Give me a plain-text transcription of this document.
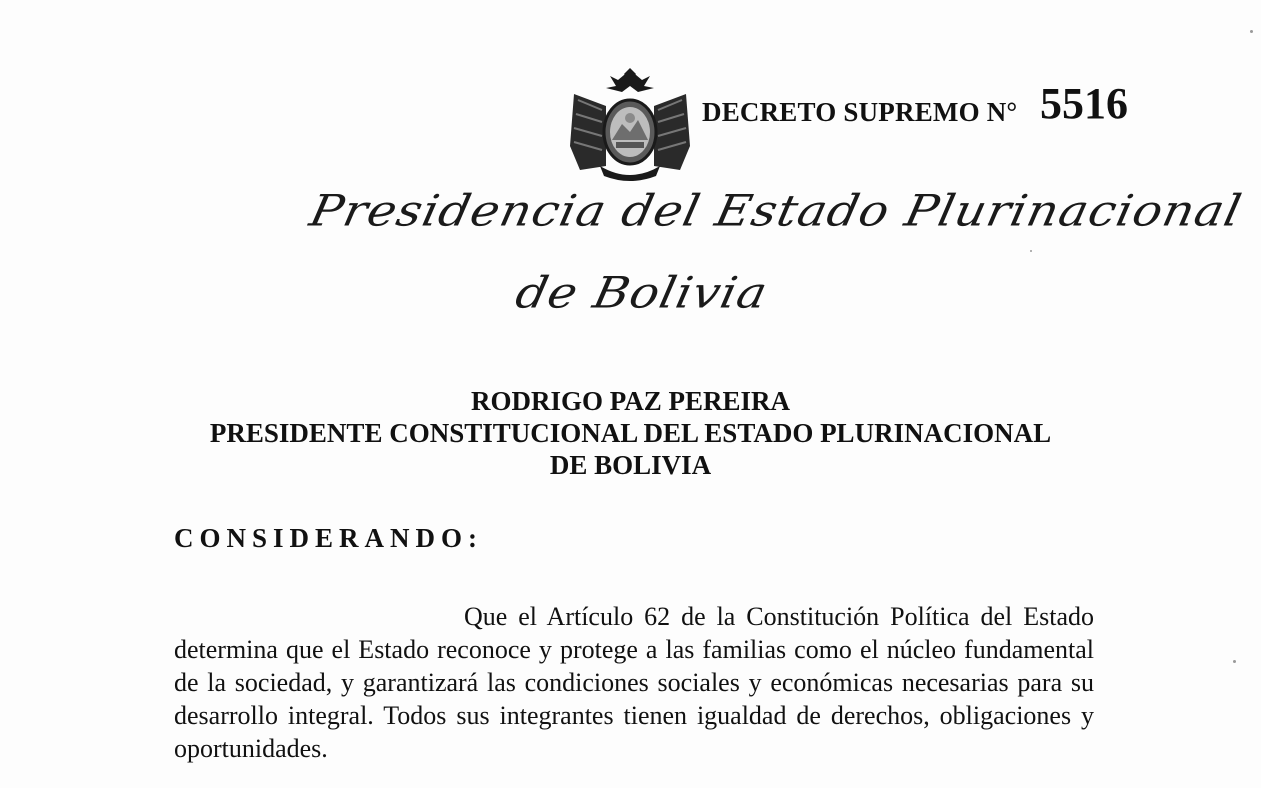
DECRETO SUPREMO N° 5516
Presidencia del Estado Plurinacional
de Bolivia
RODRIGO PAZ PEREIRA
PRESIDENTE CONSTITUCIONAL DEL ESTADO PLURINACIONAL
DE BOLIVIA
CONSIDERANDO:
Que el Artículo 62 de la Constitución Política del Estado determina que el Estado reconoce y protege a las familias como el núcleo fundamental de la sociedad, y garantizará las condiciones sociales y económicas necesarias para su desarrollo integral. Todos sus integrantes tienen igualdad de derechos, obligaciones y oportunidades.
